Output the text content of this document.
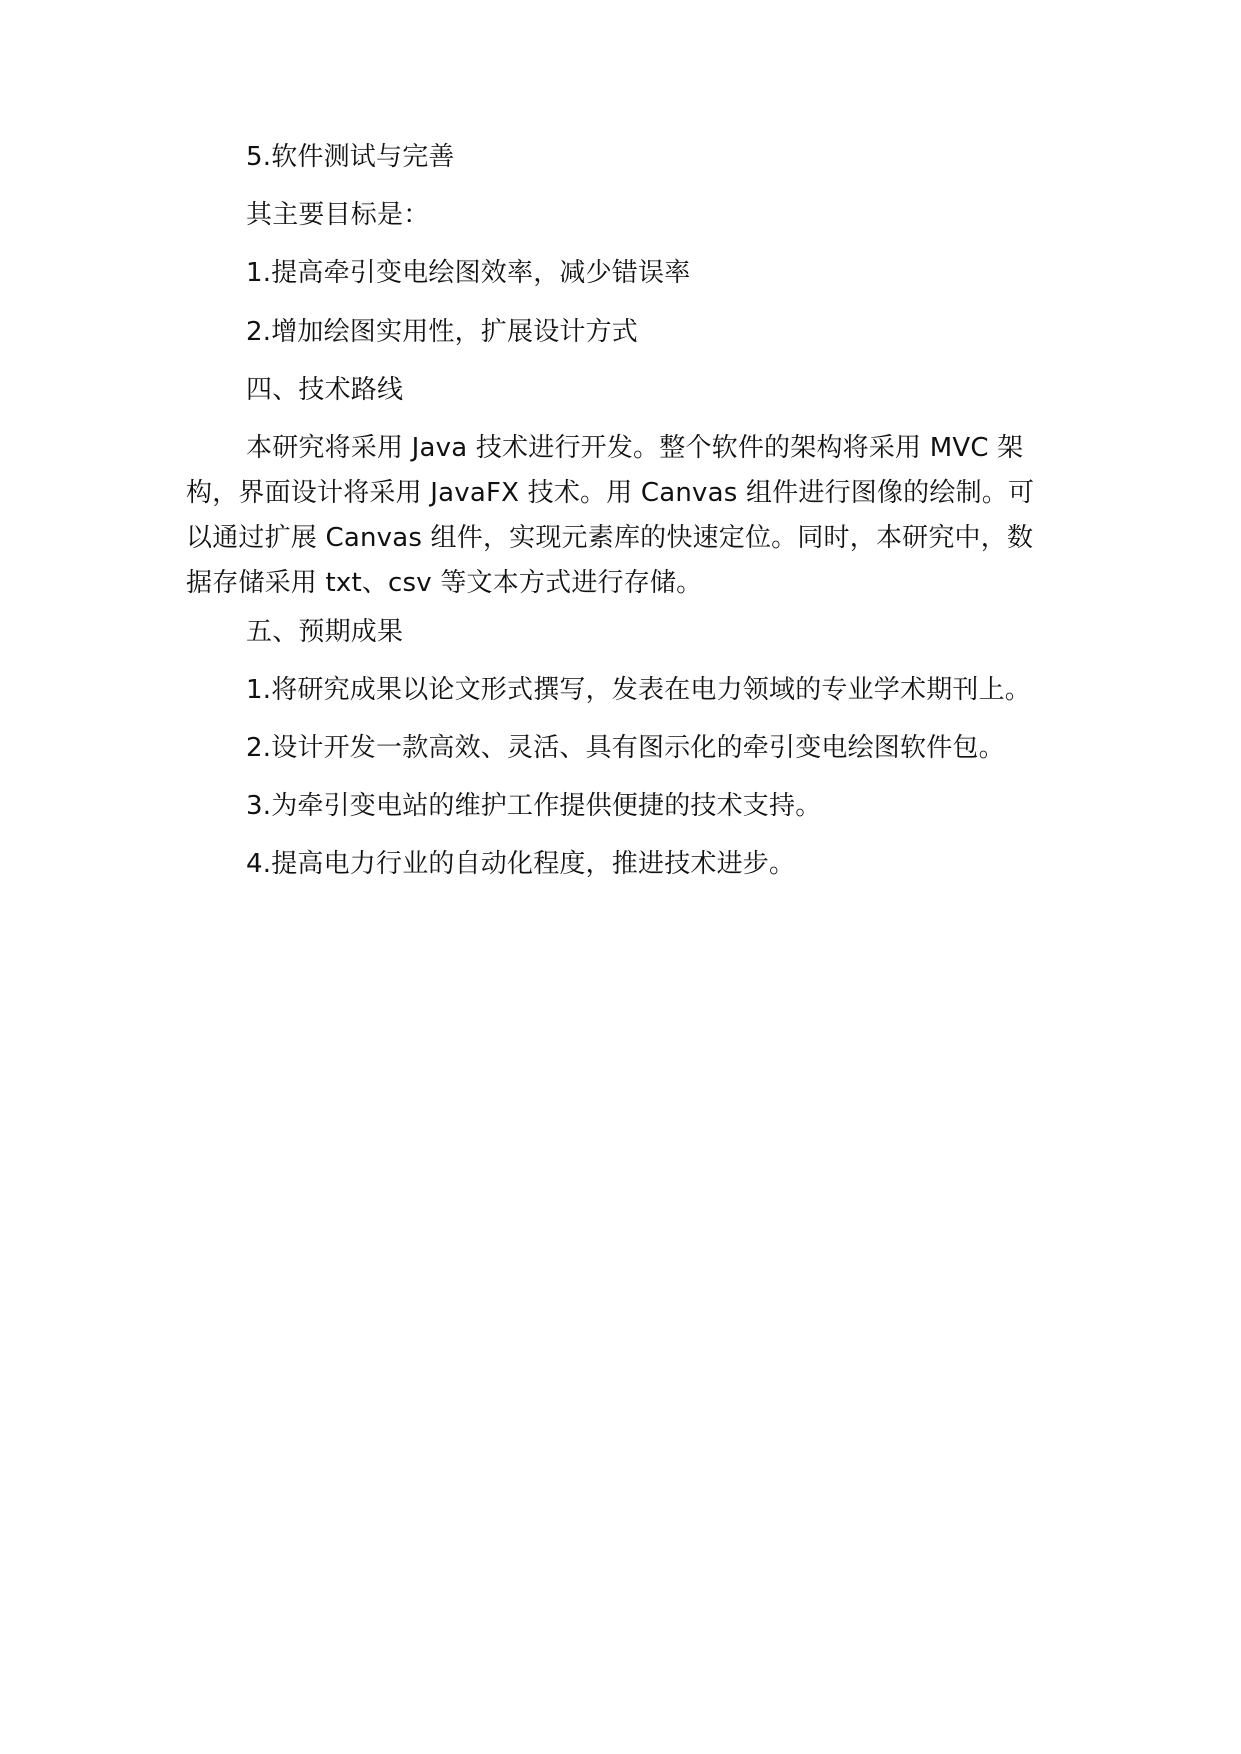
5.软件测试与完善
其主要目标是：
1.提高牵引变电绘图效率，减少错误率
2.增加绘图实用性，扩展设计方式
四、技术路线
本研究将采用 Java 技术进行开发。整个软件的架构将采用 MVC 架
构，界面设计将采用 JavaFX 技术。用 Canvas 组件进行图像的绘制。可
以通过扩展 Canvas 组件，实现元素库的快速定位。同时，本研究中，数
据存储采用 txt、csv 等文本方式进行存储。
五、预期成果
1.将研究成果以论文形式撰写，发表在电力领域的专业学术期刊上。
2.设计开发一款高效、灵活、具有图示化的牵引变电绘图软件包。
3.为牵引变电站的维护工作提供便捷的技术支持。
4.提高电力行业的自动化程度，推进技术进步。
